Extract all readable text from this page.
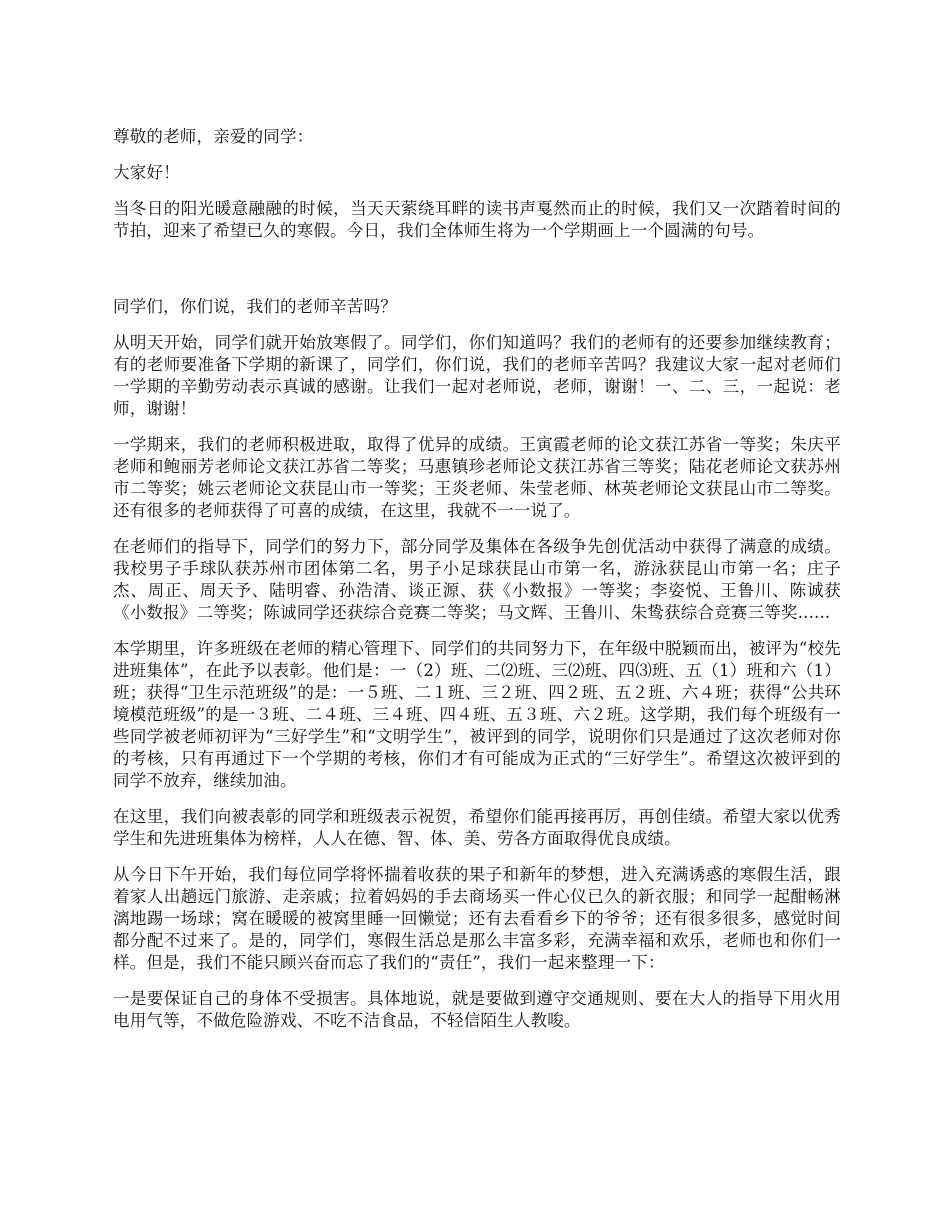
尊敬的老师，亲爱的同学：

大家好！

当冬日的阳光暖意融融的时候，当天天萦绕耳畔的读书声戛然而止的时候，我们又一次踏着时间的节拍，迎来了希望已久的寒假。今日，我们全体师生将为一个学期画上一个圆满的句号。

同学们，你们说，我们的老师辛苦吗？

从明天开始，同学们就开始放寒假了。同学们，你们知道吗？我们的老师有的还要参加继续教育；有的老师要准备下学期的新课了，同学们，你们说，我们的老师辛苦吗？我建议大家一起对老师们一学期的辛勤劳动表示真诚的感谢。让我们一起对老师说，老师，谢谢！一、二、三，一起说：老师，谢谢！

一学期来，我们的老师积极进取，取得了优异的成绩。王寅霞老师的论文获江苏省一等奖；朱庆平老师和鲍丽芳老师论文获江苏省二等奖；马惠镇珍老师论文获江苏省三等奖；陆花老师论文获苏州市二等奖；姚云老师论文获昆山市一等奖；王炎老师、朱莹老师、林英老师论文获昆山市二等奖。还有很多的老师获得了可喜的成绩，在这里，我就不一一说了。

在老师们的指导下，同学们的努力下，部分同学及集体在各级争先创优活动中获得了满意的成绩。我校男子手球队获苏州市团体第二名，男子小足球获昆山市第一名，游泳获昆山市第一名；庄子杰、周正、周天予、陆明睿、孙浩清、谈正源、获《小数报》一等奖；李姿悦、王鲁川、陈诚获《小数报》二等奖；陈诚同学还获综合竞赛二等奖；马文辉、王鲁川、朱鸷获综合竞赛三等奖......

本学期里，许多班级在老师的精心管理下、同学们的共同努力下，在年级中脱颖而出，被评为“校先进班集体”，在此予以表彰。他们是：一（2）班、二⑵班、三⑵班、四⑶班、五（1）班和六（1）班；获得“卫生示范班级”的是：一５班、二１班、三２班、四２班、五２班、六４班；获得“公共环境模范班级”的是一３班、二４班、三４班、四４班、五３班、六２班。这学期，我们每个班级有一些同学被老师初评为“三好学生”和“文明学生”，被评到的同学，说明你们只是通过了这次老师对你的考核，只有再通过下一个学期的考核，你们才有可能成为正式的“三好学生”。希望这次被评到的同学不放弃，继续加油。

在这里，我们向被表彰的同学和班级表示祝贺，希望你们能再接再厉，再创佳绩。希望大家以优秀学生和先进班集体为榜样，人人在德、智、体、美、劳各方面取得优良成绩。

从今日下午开始，我们每位同学将怀揣着收获的果子和新年的梦想，进入充满诱惑的寒假生活，跟着家人出趟远门旅游、走亲戚；拉着妈妈的手去商场买一件心仪已久的新衣服；和同学一起酣畅淋漓地踢一场球；窝在暖暖的被窝里睡一回懒觉；还有去看看乡下的爷爷；还有很多很多，感觉时间都分配不过来了。是的，同学们，寒假生活总是那么丰富多彩，充满幸福和欢乐，老师也和你们一样。但是，我们不能只顾兴奋而忘了我们的“责任”，我们一起来整理一下：

一是要保证自己的身体不受损害。具体地说，就是要做到遵守交通规则、要在大人的指导下用火用电用气等，不做危险游戏、不吃不洁食品，不轻信陌生人教唆。
